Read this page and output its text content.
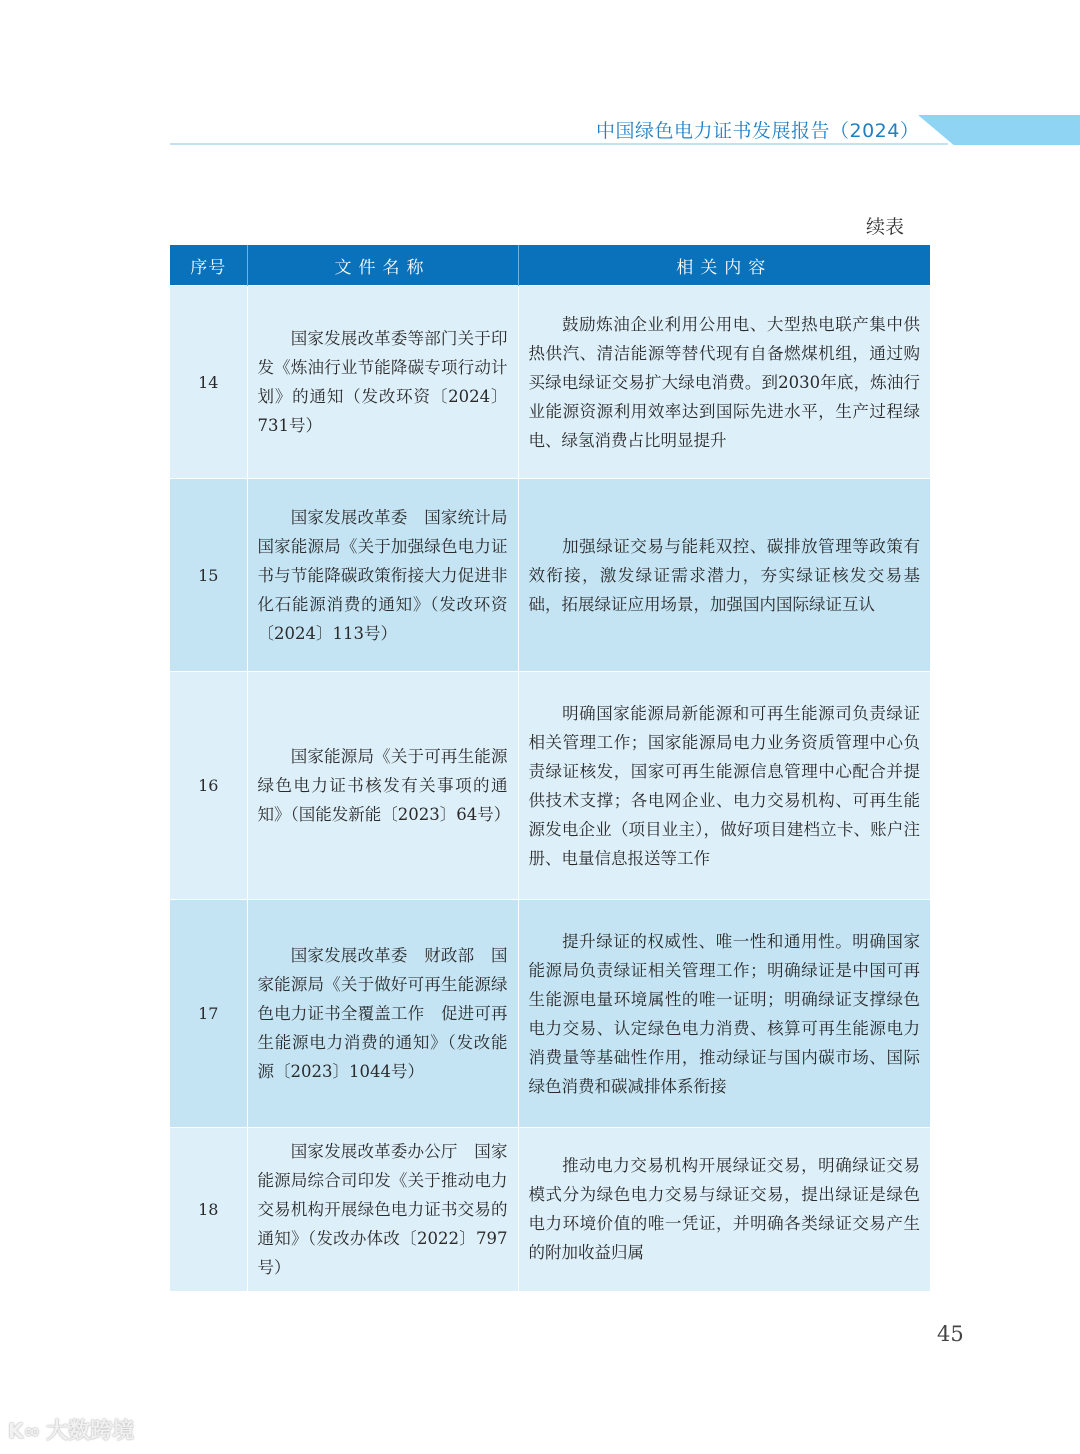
中国绿色电力证书发展报告（2024）
续表
序号	文件名称	相关内容
14	国家发展改革委等部门关于印发《炼油行业节能降碳专项行动计划》的通知（发改环资〔2024〕731号）	鼓励炼油企业利用公用电、大型热电联产集中供热供汽、清洁能源等替代现有自备燃煤机组，通过购买绿电绿证交易扩大绿电消费。到2030年底，炼油行业能源资源利用效率达到国际先进水平，生产过程绿电、绿氢消费占比明显提升
15	国家发展改革委　国家统计局　国家能源局《关于加强绿色电力证书与节能降碳政策衔接大力促进非化石能源消费的通知》（发改环资〔2024〕113号）	加强绿证交易与能耗双控、碳排放管理等政策有效衔接，激发绿证需求潜力，夯实绿证核发交易基础，拓展绿证应用场景，加强国内国际绿证互认
16	国家能源局《关于可再生能源绿色电力证书核发有关事项的通知》（国能发新能〔2023〕64号）	明确国家能源局新能源和可再生能源司负责绿证相关管理工作；国家能源局电力业务资质管理中心负责绿证核发，国家可再生能源信息管理中心配合并提供技术支撑；各电网企业、电力交易机构、可再生能源发电企业（项目业主），做好项目建档立卡、账户注册、电量信息报送等工作
17	国家发展改革委　财政部　国家能源局《关于做好可再生能源绿色电力证书全覆盖工作　促进可再生能源电力消费的通知》（发改能源〔2023〕1044号）	提升绿证的权威性、唯一性和通用性。明确国家能源局负责绿证相关管理工作；明确绿证是中国可再生能源电量环境属性的唯一证明；明确绿证支撑绿色电力交易、认定绿色电力消费、核算可再生能源电力消费量等基础性作用，推动绿证与国内碳市场、国际绿色消费和碳减排体系衔接
18	国家发展改革委办公厅　国家能源局综合司印发《关于推动电力交易机构开展绿色电力证书交易的通知》（发改办体改〔2022〕797号）	推动电力交易机构开展绿证交易，明确绿证交易模式分为绿色电力交易与绿证交易，提出绿证是绿色电力环境价值的唯一凭证，并明确各类绿证交易产生的附加收益归属
45
K∞ 大数跨境
